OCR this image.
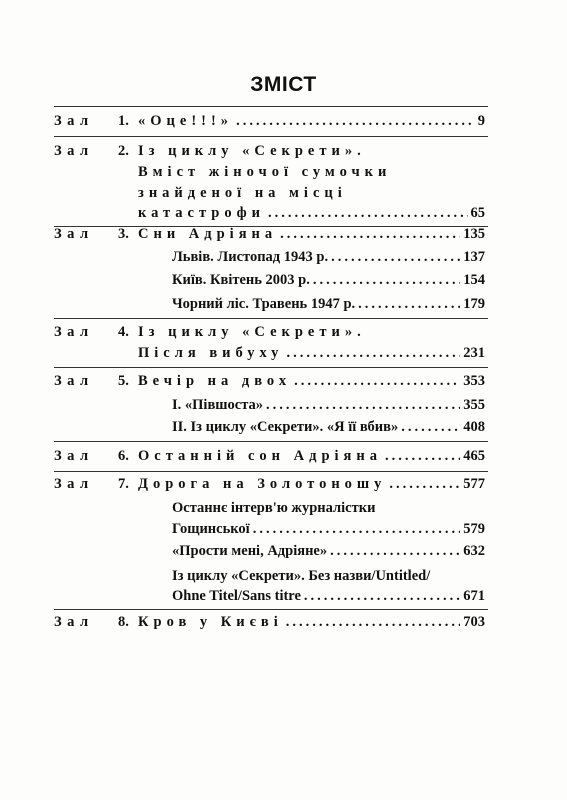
ЗМІСТ
Зал 1. «Оце!!!» .....	9
Зал 2. Із циклу «Секрети».
Вміст жіночої сумочки
знайденої на місці
катастрофи .....	65
Зал 3. Сни Адріяна .....	135
Львів. Листопад 1943 р. .....	137
Київ. Квітень 2003 р. .....	154
Чорний ліс. Травень 1947 р. .....	179
Зал 4. Із циклу «Секрети».
Після вибуху .....	231
Зал 5. Вечір на двох .....	353
І. «Півшоста» .....	355
ІІ. Із циклу «Секрети». «Я її вбив» .....	408
Зал 6. Останній сон Адріяна .....	465
Зал 7. Дорога на Золотоношу .....	577
Останнє інтерв'ю журналістки
Гощинської .....	579
«Прости мені, Адріяне» .....	632
Із циклу «Секрети». Без назви/Untitled/
Ohne Titel/Sans titre .....	671
Зал 8. Кров у Києві .....	703
